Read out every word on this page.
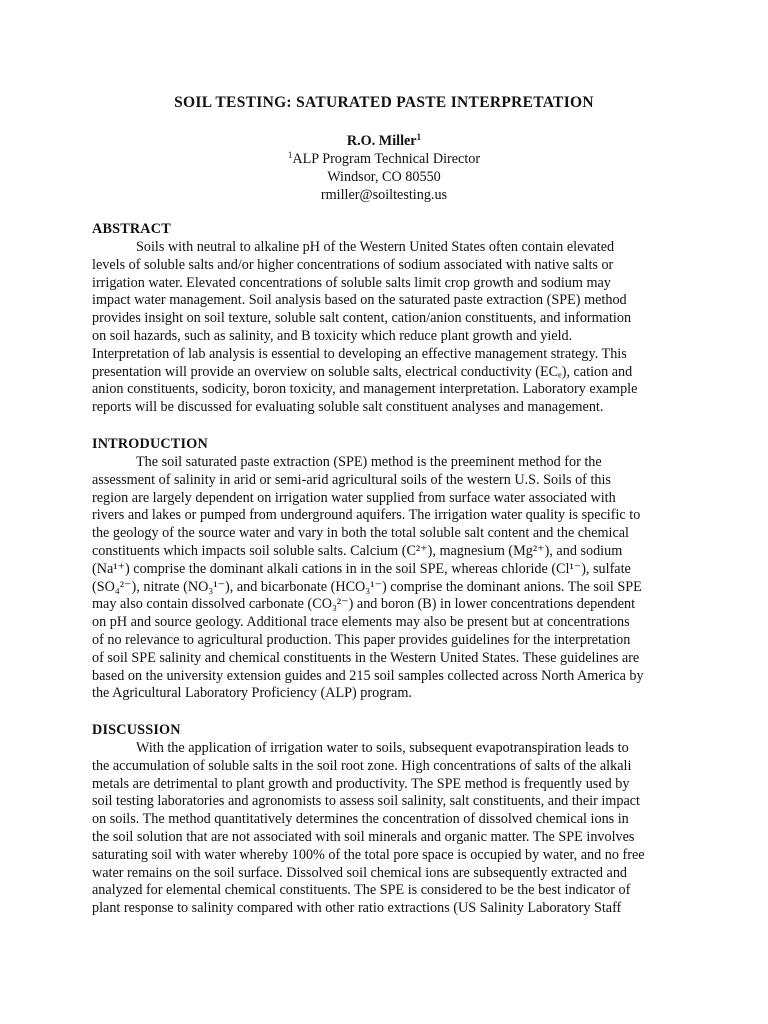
SOIL TESTING: SATURATED PASTE INTERPRETATION
R.O. Miller$^1$
$^1$ALP Program Technical Director
Windsor, CO 80550
rmiller@soiltesting.us
ABSTRACT
Soils with neutral to alkaline pH of the Western United States often contain elevated
levels of soluble salts and/or higher concentrations of sodium associated with native salts or
irrigation water. Elevated concentrations of soluble salts limit crop growth and sodium may
impact water management. Soil analysis based on the saturated paste extraction (SPE) method
provides insight on soil texture, soluble salt content, cation/anion constituents, and information
on soil hazards, such as salinity, and B toxicity which reduce plant growth and yield.
Interpretation of lab analysis is essential to developing an effective management strategy. This
presentation will provide an overview on soluble salts, electrical conductivity (ECₑ), cation and
anion constituents, sodicity, boron toxicity, and management interpretation. Laboratory example
reports will be discussed for evaluating soluble salt constituent analyses and management.
INTRODUCTION
The soil saturated paste extraction (SPE) method is the preeminent method for the
assessment of salinity in arid or semi-arid agricultural soils of the western U.S. Soils of this
region are largely dependent on irrigation water supplied from surface water associated with
rivers and lakes or pumped from underground aquifers. The irrigation water quality is specific to
the geology of the source water and vary in both the total soluble salt content and the chemical
constituents which impacts soil soluble salts. Calcium (C²⁺), magnesium (Mg²⁺), and sodium
(Na¹⁺) comprise the dominant alkali cations in in the soil SPE, whereas chloride (Cl¹⁻), sulfate
(SO₄²⁻), nitrate (NO₃¹⁻), and bicarbonate (HCO₃¹⁻) comprise the dominant anions. The soil SPE
may also contain dissolved carbonate (CO₃²⁻) and boron (B) in lower concentrations dependent
on pH and source geology. Additional trace elements may also be present but at concentrations
of no relevance to agricultural production. This paper provides guidelines for the interpretation
of soil SPE salinity and chemical constituents in the Western United States. These guidelines are
based on the university extension guides and 215 soil samples collected across North America by
the Agricultural Laboratory Proficiency (ALP) program.
DISCUSSION
With the application of irrigation water to soils, subsequent evapotranspiration leads to
the accumulation of soluble salts in the soil root zone. High concentrations of salts of the alkali
metals are detrimental to plant growth and productivity. The SPE method is frequently used by
soil testing laboratories and agronomists to assess soil salinity, salt constituents, and their impact
on soils. The method quantitatively determines the concentration of dissolved chemical ions in
the soil solution that are not associated with soil minerals and organic matter. The SPE involves
saturating soil with water whereby 100% of the total pore space is occupied by water, and no free
water remains on the soil surface. Dissolved soil chemical ions are subsequently extracted and
analyzed for elemental chemical constituents. The SPE is considered to be the best indicator of
plant response to salinity compared with other ratio extractions (US Salinity Laboratory Staff
